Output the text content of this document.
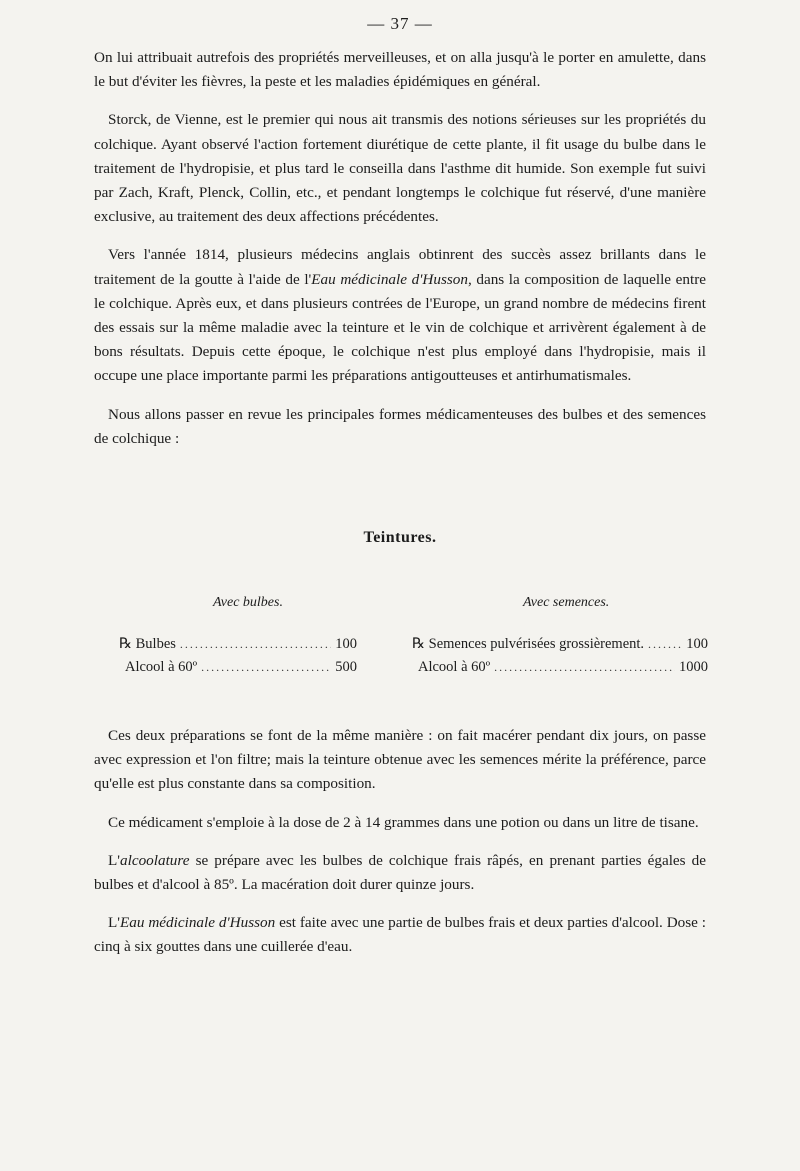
— 37 —

On lui attribuait autrefois des propriétés merveilleuses, et on alla jusqu'à le porter en amulette, dans le but d'éviter les fièvres, la peste et les maladies épidémiques en général.

Storck, de Vienne, est le premier qui nous ait transmis des notions sérieuses sur les propriétés du colchique. Ayant observé l'action fortement diurétique de cette plante, il fit usage du bulbe dans le traitement de l'hydropisie, et plus tard le conseilla dans l'asthme dit humide. Son exemple fut suivi par Zach, Kraft, Plenck, Collin, etc., et pendant longtemps le colchique fut réservé, d'une manière exclusive, au traitement des deux affections précédentes.

Vers l'année 1814, plusieurs médecins anglais obtinrent des succès assez brillants dans le traitement de la goutte à l'aide de l'Eau médicinale d'Husson, dans la composition de laquelle entre le colchique. Après eux, et dans plusieurs contrées de l'Europe, un grand nombre de médecins firent des essais sur la même maladie avec la teinture et le vin de colchique et arrivèrent également à de bons résultats. Depuis cette époque, le colchique n'est plus employé dans l'hydropisie, mais il occupe une place importante parmi les préparations antigoutteuses et antirhumatismales.

Nous allons passer en revue les principales formes médicamenteuses des bulbes et des semences de colchique :

Teintures.
Avec bulbes.	Avec semences.
℞ Bulbes .....	100
Alcool à 60º .....	500
℞ Semences pulvérisées grossièrement. .....	100
Alcool à 60º .....	1000

Ces deux préparations se font de la même manière : on fait macérer pendant dix jours, on passe avec expression et l'on filtre; mais la teinture obtenue avec les semences mérite la préférence, parce qu'elle est plus constante dans sa composition.

Ce médicament s'emploie à la dose de 2 à 14 grammes dans une potion ou dans un litre de tisane.

L'alcoolature se prépare avec les bulbes de colchique frais râpés, en prenant parties égales de bulbes et d'alcool à 85º. La macération doit durer quinze jours.

L'Eau médicinale d'Husson est faite avec une partie de bulbes frais et deux parties d'alcool. Dose : cinq à six gouttes dans une cuillerée d'eau.
